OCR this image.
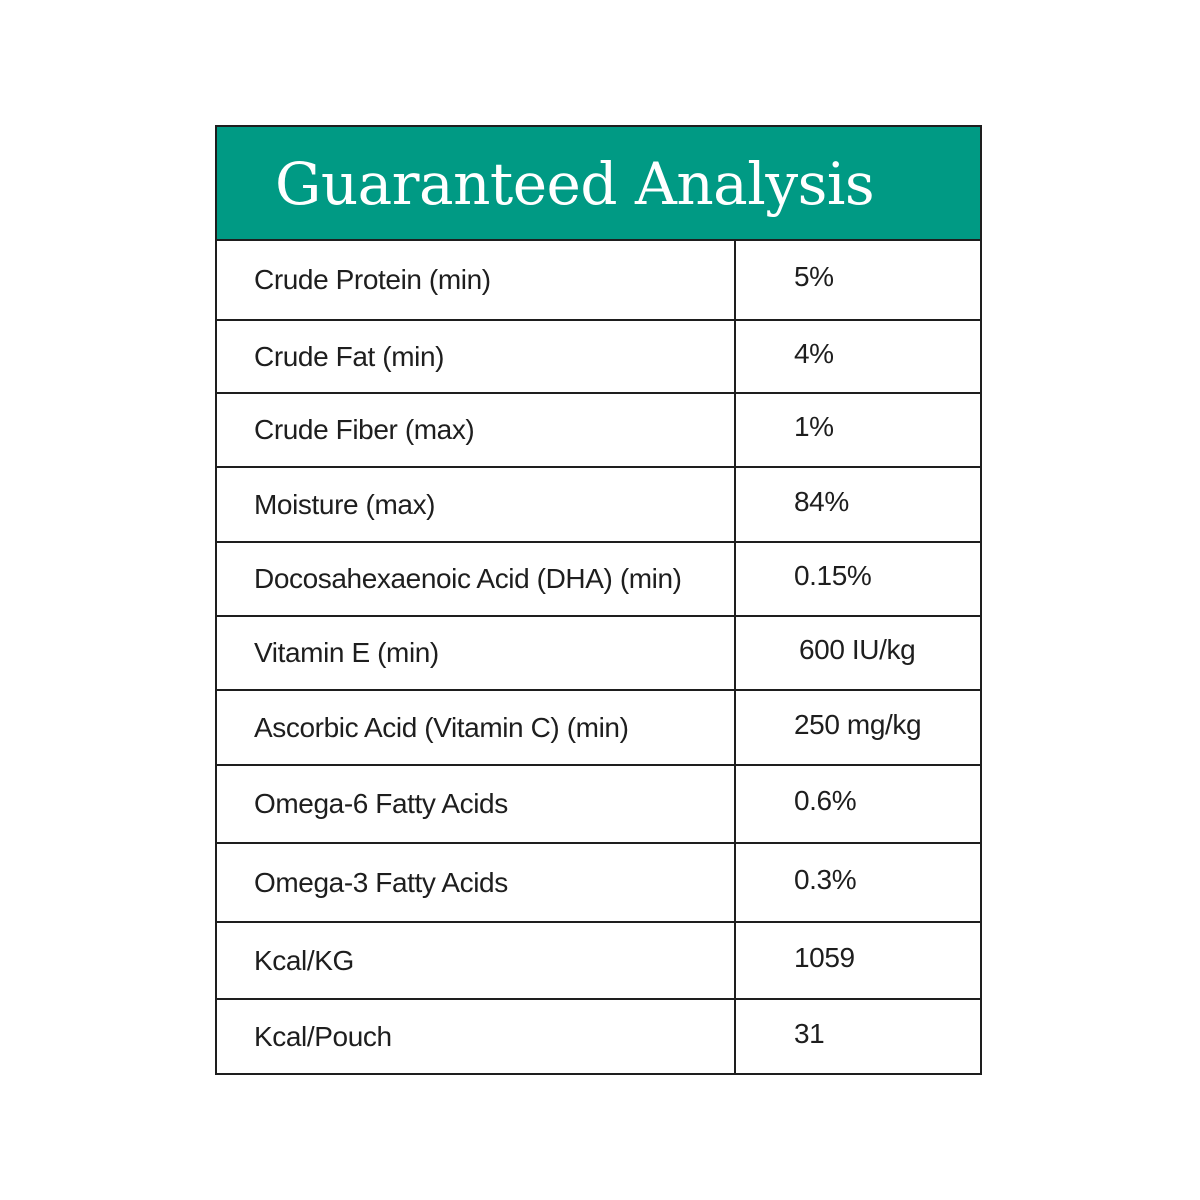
Guaranteed Analysis
Crude Protein (min)	5%
Crude Fat (min)	4%
Crude Fiber (max)	1%
Moisture (max)	84%
Docosahexaenoic Acid (DHA) (min)	0.15%
Vitamin E (min)	600 IU/kg
Ascorbic Acid (Vitamin C) (min)	250 mg/kg
Omega-6 Fatty Acids	0.6%
Omega-3 Fatty Acids	0.3%
Kcal/KG	1059
Kcal/Pouch	31
